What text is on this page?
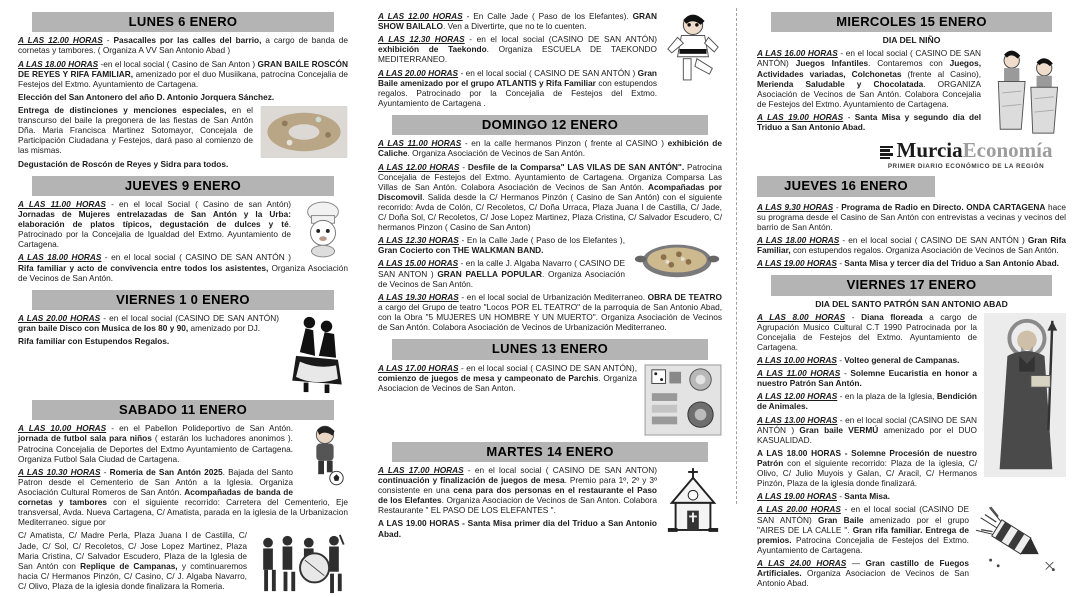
LUNES 6 ENERO

A LAS 12.00 HORAS - Pasacalles por las calles del barrio, a cargo de banda de cornetas y tambores. ( Organiza A VV San Antonio Abad )

A LAS 18.00 HORAS -en el local social ( Casino de San Anton ) GRAN BAILE ROSCÓN DE REYES Y RIFA FAMILIAR, amenizado por el duo Musiikana, patrocina Concejalia de Festejos del Extmo. Ayuntamiento de Cartagena.

Elección del San Antonero del año D. Antonio Jorquera Sánchez.

Entrega de distinciones y menciones especiales, en el transcurso del baile la pregonera de las fiestas de San Antón Dña. Maria Francisca Martinez Sotomayor, Concejala de Participación Ciudadana y Festejos, dará paso al comienzo de las mismas.

Degustación de Roscón de Reyes y Sidra para todos.

JUEVES 9 ENERO

A LAS 11.00 HORAS - en el local Social ( Casino de san Antón) Jornadas de Mujeres entrelazadas de San Antón y la Urba: elaboración de platos típicos, degustación de dulces y té. Patrocinado por la Concejalia de Igualdad del Extmo. Ayuntamiento de Cartagena.

A LAS 18.00 HORAS - en el local social ( CASINO DE SAN ANTÓN ) Rifa familiar y acto de convivencia entre todos los asistentes, Organiza Asociación de Vecinos de San Antón.

VIERNES 1 0 ENERO

A LAS 20.00 HORAS - en el local social (CASINO DE SAN ANTÓN) gran baile Disco con Musica de los 80 y 90, amenizado por DJ.

Rifa familiar con Estupendos Regalos.

SABADO 11 ENERO

A LAS 10.00 HORAS - en el Pabellon Polideportivo de San Antón. jornada de futbol sala para niños ( estarán los luchadores anonimos ). Patrocina Concejalia de Deportes del Extmo Ayuntamiento de Cartagena. Organiza Futbol Sala Ciudad de Cartagena.

A LAS 10.30 HORAS - Romeria de San Antón 2025. Bajada del Santo Patron desde el Cementerio de San Antón a la Iglesia. Organiza Asociación Cultural Romeros de San Antón. Acompañadas de banda de cornetas y tambores con el siguiente recorrido: Carretera del Cementerio, Eje transversal, Avda. Nueva Cartagena, C/ Amatista, parada en la iglesia de la Urbanizacion Mediterraneo. sigue por

C/ Amatista, C/ Madre Perla, Plaza Juana I de Castilla, C/ Jade, C/ Sol, C/ Recoletos, C/ Jose Lopez Martinez, Plaza Maria Cristina, C/ Salvador Escudero, Plaza de la Iglesia de San Antón con Replique de Campanas, y comtinuaremos hacia C/ Hermanos Pinzón, C/ Casino, C/ J. Algaba Navarro, C/ Olivo, Plaza de la iglesia donde finalizara la Romeria.

A LAS 12.00 HORAS - En Calle Jade ( Paso de los Elefantes). GRAN SHOW BAILALO. Ven a Divertirte, que no te lo cuenten.

A LAS 12.30 HORAS - en el local social (CASINO DE SAN ANTÓN) exhibición de Taekondo. Organiza ESCUELA DE TAEKONDO MEDITERRANEO.

A LAS 20.00 HORAS - en el local social ( CASINO DE SAN ANTÓN ) Gran Baile amenizado por el grupo ATLANTIS y Rifa Familiar con estupendos regalos. Patrocinado por la Concejalia de Festejos del Extmo. Ayuntamiento de Cartagena .

DOMINGO 12 ENERO

A LAS 11.00 HORAS - en la calle hermanos Pinzon ( frente al CASINO ) exhibición de Caliche. Organiza Asociación de Vecinos de San Antón.

A LAS 12.00 HORAS - Desfile de la Comparsa" LAS VILAS DE SAN ANTÓN". Patrocina Concejalia de Festejos del Extmo. Ayuntamiento de Cartagena. Organiza Comparsa Las Villas de San Antón. Colabora Asociación de Vecinos de San Antón. Acompañadas por Discomovil. Salida desde la C/ Hermanos Pinzón ( Casino de San Antón) con el siguiente recorrido: Avda de Colón, C/ Recoletos, C/ Doña Urraca, Plaza Juana I de Castilla, C/ Jade, C/ Doña Sol, C/ Recoletos, C/ Jose Lopez Martinez, Plaza Cristina, C/ Salvador Escudero, C/ hermanos Pinzon ( Casino de San Anton)

A LAS 12.30 HORAS - En la Calle Jade ( Paso de los Elefantes ), Gran Cocierto con THE WALKMAN BAND.

A LAS 15.00 HORAS - en la calle J. Algaba Navarro ( CASINO DE SAN ANTON ) GRAN PAELLA POPULAR. Organiza Asociación de Vecinos de San Antón.

A LAS 19.30 HORAS - en el local social de Urbanización Mediterraneo. OBRA DE TEATRO a cargo del Grupo de teatro "Locos POR EL TEATRO" de la parroquia de San Antonio Abad, con la Obra "5 MUJERES UN HOMBRE Y UN MUERTO". Organiza Asociación de Vecinos de San Antón. Colabora Asociación de Vecinos de Urbanización Mediterraneo.

LUNES 13 ENERO

A LAS 17.00 HORAS - en el local social ( CASINO DE SAN ANTÓN), comienzo de juegos de mesa y campeonato de Parchis. Organiza Asociacion de Vecinos de San Anton.

MARTES 14 ENERO

A LAS 17.00 HORAS - en el local social ( CASINO DE SAN ANTON) continuación y finalización de juegos de mesa. Premio para 1º, 2º y 3º consistente en una cena para dos personas en el restaurante el Paso de los Elefantes. Organiza Asociacion de Vecinos de San Anton. Colabora Restaurante " EL PASO DE LOS ELEFANTES ".

A LAS 19.00 HORAS - Santa Misa primer dia del Triduo a San Antonio Abad.

MIERCOLES 15 ENERO
DIA DEL NIÑO

A LAS 16.00 HORAS - en el local social ( CASINO DE SAN ANTÓN) Juegos Infantiles. Contaremos con Juegos, Actividades variadas, Colchonetas (frente al Casino), Merienda Saludable y Chocolatada. ORGANIZA Asociación de Vecinos de San Antón. Colabora Concejalia de Festejos del Extmo. Ayuntamiento de Cartagena.

A LAS 19.00 HORAS - Santa Misa y segundo dia del Triduo a San Antonio Abad.

MurciaEconomía
PRIMER DIARIO ECONÓMICO DE LA REGIÓN
JUEVES 16 ENERO

A LAS 9.30 HORAS - Programa de Radio en Directo. ONDA CARTAGENA hace su programa desde el Casino de San Antón con entrevistas a vecinas y vecinos del barrio de San Antón.

A LAS 18.00 HORAS - en el local social ( CASINO DE SAN ANTÓN ) Gran Rifa Familiar, con estupendos regalos. Organiza Asociación de Vecinos de San Antón.

A LAS 19.00 HORAS - Santa Misa y tercer dia del Triduo a San Antonio Abad.

VIERNES 17 ENERO
DIA DEL SANTO PATRÓN SAN ANTONIO ABAD

A LAS 8.00 HORAS - Diana floreada a cargo de Agrupación Musico Cultural C.T 1990 Patrocinada por la Concejalia de Festejos del Extmo. Ayuntamiento de Cartagena.

A LAS 10.00 HORAS - Volteo general de Campanas.

A LAS 11.00 HORAS - Solemne Eucaristia en honor a nuestro Patrón San Antón.

A LAS 12.00 HORAS - en la plaza de la Iglesia, Bendición de Animales.

A LAS 13.00 HORAS - en el local social (CASINO DE SAN ANTÓN ) Gran baile VERMÚ amenizado por el DUO KASUALIDAD.

A LAS 18.00 HORAS - Solemne Procesión de nuestro Patrón con el siguiente recorrido: Plaza de la iglesia, C/ Olivo, C/ Julio Muyois y Galan, C/ Aracil, C/ Hermanos Pinzón, Plaza de la iglesia donde finalizará.

A LAS 19.00 HORAS - Santa Misa.

A LAS 20.00 HORAS - en el local social (CASINO DE SAN ANTÓN) Gran Baile amenizado por el grupo "AIRES DE LA CALLE ". Gran rifa familiar. Entrega de premios. Patrocina Concejalia de Festejos del Extmo. Ayuntamiento de Cartagena.

A LAS 24.00 HORAS — Gran castillo de Fuegos Artificiales. Organiza Asociacion de Vecinos de San Antonio Abad.
